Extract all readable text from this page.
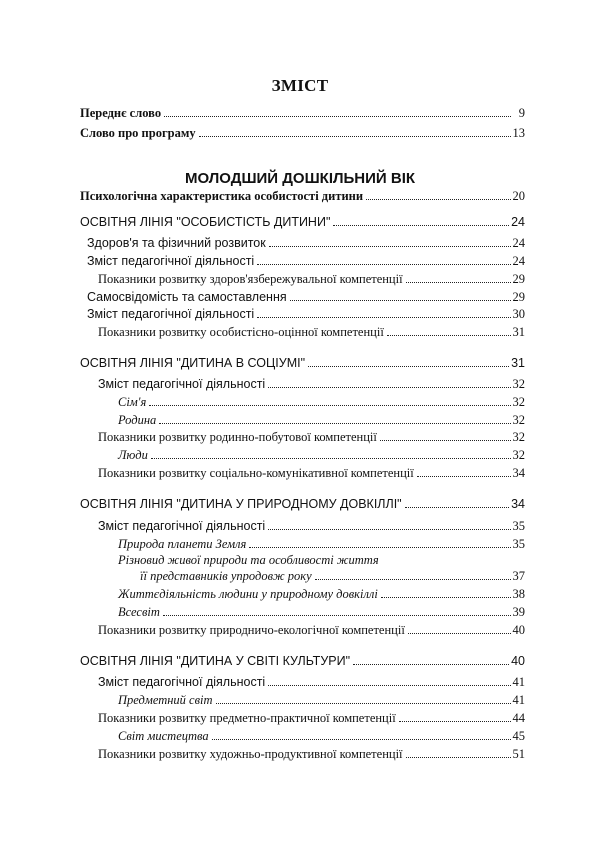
ЗМІСТ
Переднє слово	9
Слово про програму	13
МОЛОДШИЙ ДОШКІЛЬНИЙ ВІК
Психологічна характеристика особистості дитини	20
ОСВІТНЯ ЛІНІЯ "ОСОБИСТІСТЬ ДИТИНИ"	24
Здоров'я та фізичний розвиток	24
Зміст педагогічної діяльності	24
Показники розвитку здоров'язбережувальної компетенції	29
Самосвідомість та самоставлення	29
Зміст педагогічної діяльності	30
Показники розвитку особистісно-оціннoї компетенції	31
ОСВІТНЯ ЛІНІЯ "ДИТИНА В СОЦІУМІ"	31
Зміст педагогічної діяльності	32
Сім'я	32
Родина	32
Показники розвитку родинно-побутової компетенції	32
Люди	32
Показники розвитку соціально-комунікативної компетенції	34
ОСВІТНЯ ЛІНІЯ "ДИТИНА У ПРИРОДНОМУ ДОВКІЛЛІ"	34
Зміст педагогічної діяльності	35
Природа планети Земля	35
Різновид живої природи та особливості життя
її представників упродовж року	37
Життєдіяльність людини у природному довкіллі	38
Всесвіт	39
Показники розвитку природничо-екологічної компетенції	40
ОСВІТНЯ ЛІНІЯ "ДИТИНА У СВІТІ КУЛЬТУРИ"	40
Зміст педагогічної діяльності	41
Предметний світ	41
Показники розвитку предметно-практичної компетенції	44
Світ мистецтва	45
Показники розвитку художньо-продуктивної компетенції	51
